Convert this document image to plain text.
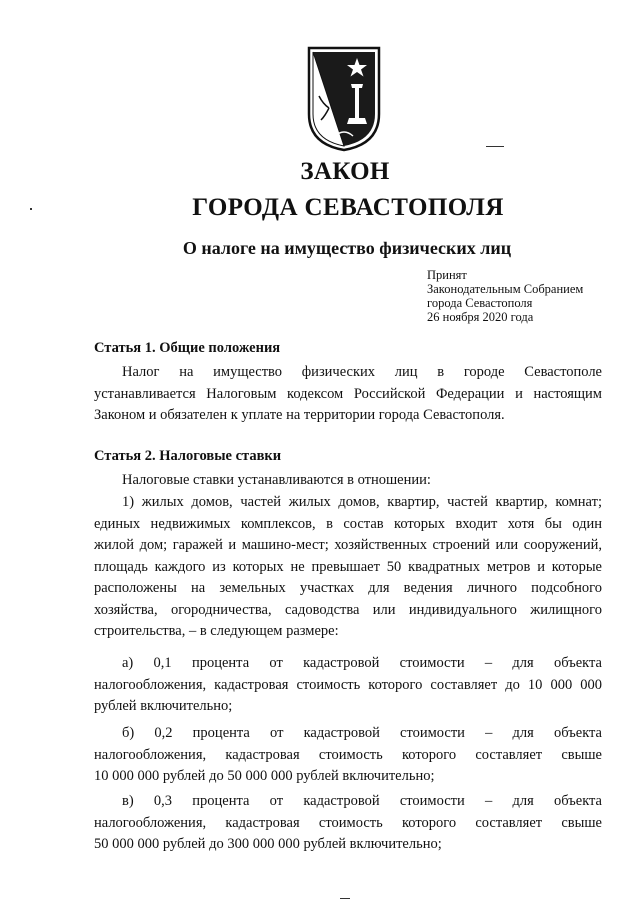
ЗАКОН
ГОРОДА СЕВАСТОПОЛЯ
О налоге на имущество физических лиц
Принят
Законодательным Собранием
города Севастополя
26 ноября 2020 года
Статья 1. Общие положения
Налог на имущество физических лиц в городе Севастополе
устанавливается Налоговым кодексом Российской Федерации и настоящим
Законом и обязателен к уплате на территории города Севастополя.
Статья 2. Налоговые ставки
Налоговые ставки устанавливаются в отношении:
1) жилых домов, частей жилых домов, квартир, частей квартир, комнат;
единых недвижимых комплексов, в состав которых входит хотя бы один
жилой дом; гаражей и машино-мест; хозяйственных строений или сооружений,
площадь каждого из которых не превышает 50 квадратных метров и которые
расположены на земельных участках для ведения личного подсобного
хозяйства, огородничества, садоводства или индивидуального жилищного
строительства, – в следующем размере:
а) 0,1 процента от кадастровой стоимости – для объекта
налогообложения, кадастровая стоимость которого составляет до 10 000 000
рублей включительно;
б) 0,2 процента от кадастровой стоимости – для объекта
налогообложения, кадастровая стоимость которого составляет свыше
10 000 000 рублей до 50 000 000 рублей включительно;
в) 0,3 процента от кадастровой стоимости – для объекта
налогообложения, кадастровая стоимость которого составляет свыше
50 000 000 рублей до 300 000 000 рублей включительно;
